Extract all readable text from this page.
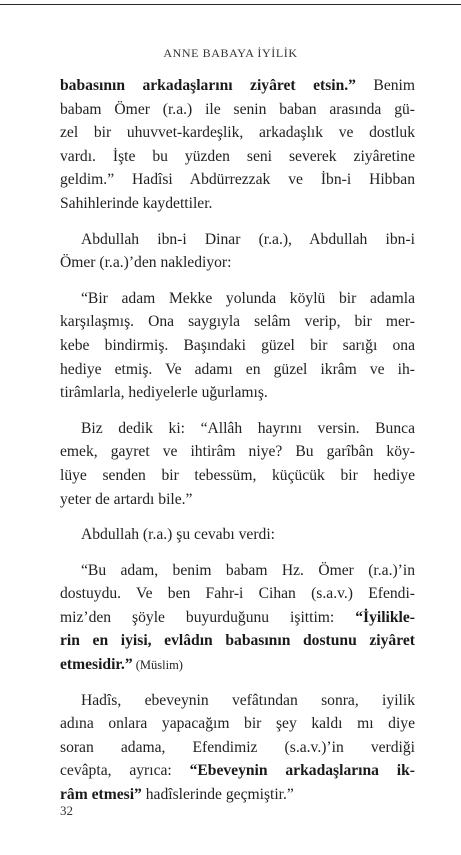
ANNE BABAYA İYİLİK
babasının arkadaşlarını ziyâret etsin.” Benim
babam Ömer (r.a.) ile senin baban arasında gü-
zel bir uhuvvet-kardeşlik, arkadaşlık ve dostluk
vardı. İşte bu yüzden seni severek ziyâretine
geldim.” Hadîsi Abdürrezzak ve İbn-i Hibban
Sahihlerinde kaydettiler.
Abdullah ibn-i Dinar (r.a.), Abdullah ibn-i
Ömer (r.a.)’den naklediyor:
“Bir adam Mekke yolunda köylü bir adamla
karşılaşmış. Ona saygıyla selâm verip, bir mer-
kebe bindirmiş. Başındaki güzel bir sarığı ona
hediye etmiş. Ve adamı en güzel ikrâm ve ih-
tirâmlarla, hediyelerle uğurlamış.
Biz dedik ki: “Allâh hayrını versin. Bunca
emek, gayret ve ihtirâm niye? Bu garîbân köy-
lüye senden bir tebessüm, küçücük bir hediye
yeter de artardı bile.”
Abdullah (r.a.) şu cevabı verdi:
“Bu adam, benim babam Hz. Ömer (r.a.)’in
dostuydu. Ve ben Fahr-i Cihan (s.a.v.) Efendi-
miz’den şöyle buyurduğunu işittim: “İyilikle-
rin en iyisi, evlâdın babasının dostunu ziyâret
etmesidir.” (Müslim)
Hadîs, ebeveynin vefâtından sonra, iyilik
adına onlara yapacağım bir şey kaldı mı diye
soran adama, Efendimiz (s.a.v.)’in verdiği
cevâpta, ayrıca: “Ebeveynin arkadaşlarına ik-
râm etmesi” hadîslerinde geçmiştir.”
32
